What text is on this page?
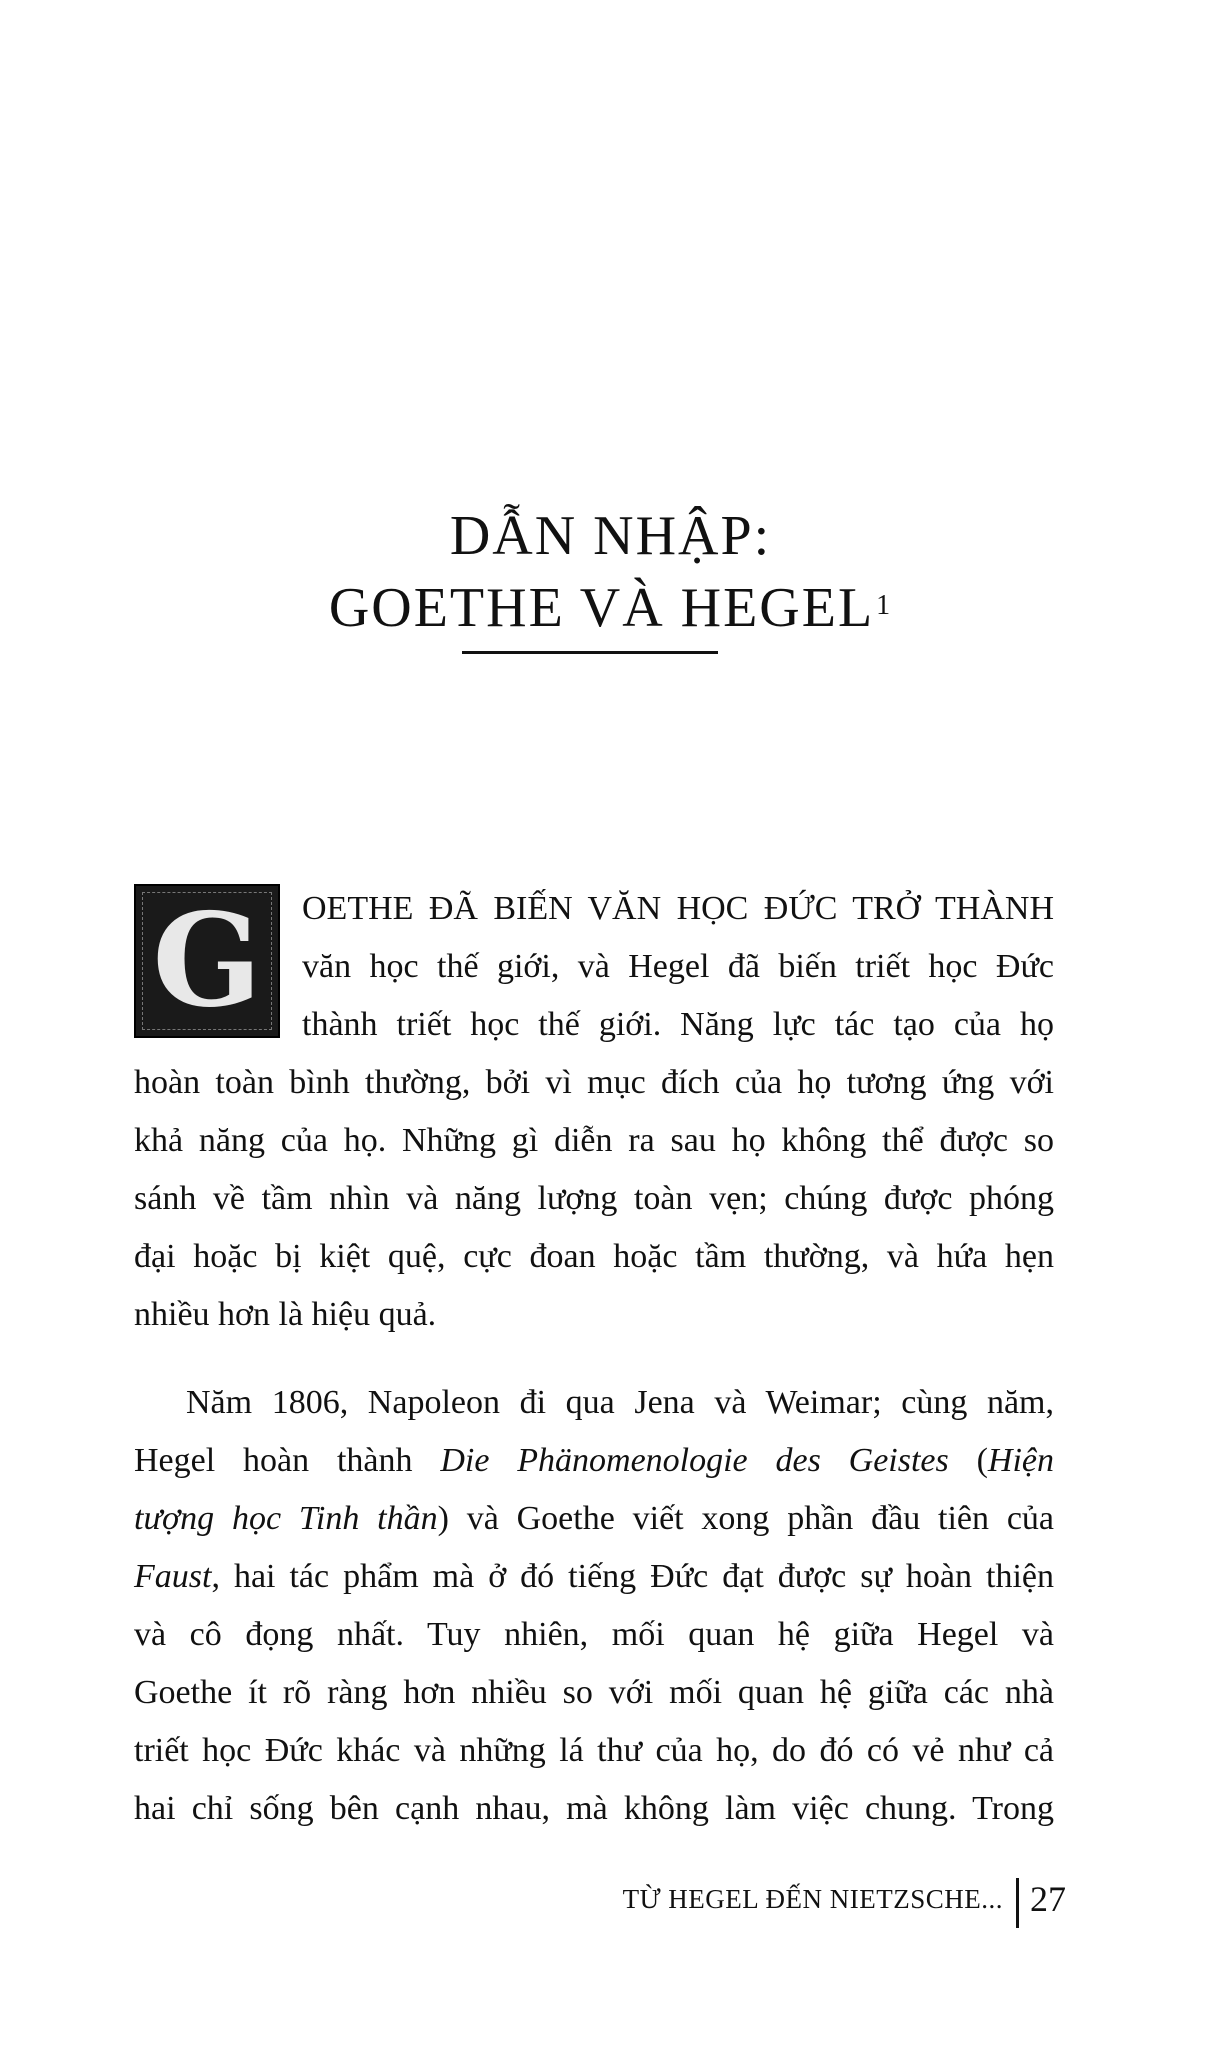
DẪN NHẬP:
GOETHE VÀ HEGEL$^1$
G	OETHE ĐÃ BIẾN VĂN HỌC ĐỨC TRỞ THÀNH
văn học thế giới, và Hegel đã biến triết học Đức
thành triết học thế giới. Năng lực tác tạo của họ
hoàn toàn bình thường, bởi vì mục đích của họ tương ứng với
khả năng của họ. Những gì diễn ra sau họ không thể được so
sánh về tầm nhìn và năng lượng toàn vẹn; chúng được phóng
đại hoặc bị kiệt quệ, cực đoan hoặc tầm thường, và hứa hẹn
nhiều hơn là hiệu quả.
Năm 1806, Napoleon đi qua Jena và Weimar; cùng năm,
Hegel hoàn thành Die Phänomenologie des Geistes (Hiện
tượng học Tinh thần) và Goethe viết xong phần đầu tiên của
Faust, hai tác phẩm mà ở đó tiếng Đức đạt được sự hoàn thiện
và cô đọng nhất. Tuy nhiên, mối quan hệ giữa Hegel và
Goethe ít rõ ràng hơn nhiều so với mối quan hệ giữa các nhà
triết học Đức khác và những lá thư của họ, do đó có vẻ như cả
hai chỉ sống bên cạnh nhau, mà không làm việc chung. Trong
TỪ HEGEL ĐẾN NIETZSCHE... 27
